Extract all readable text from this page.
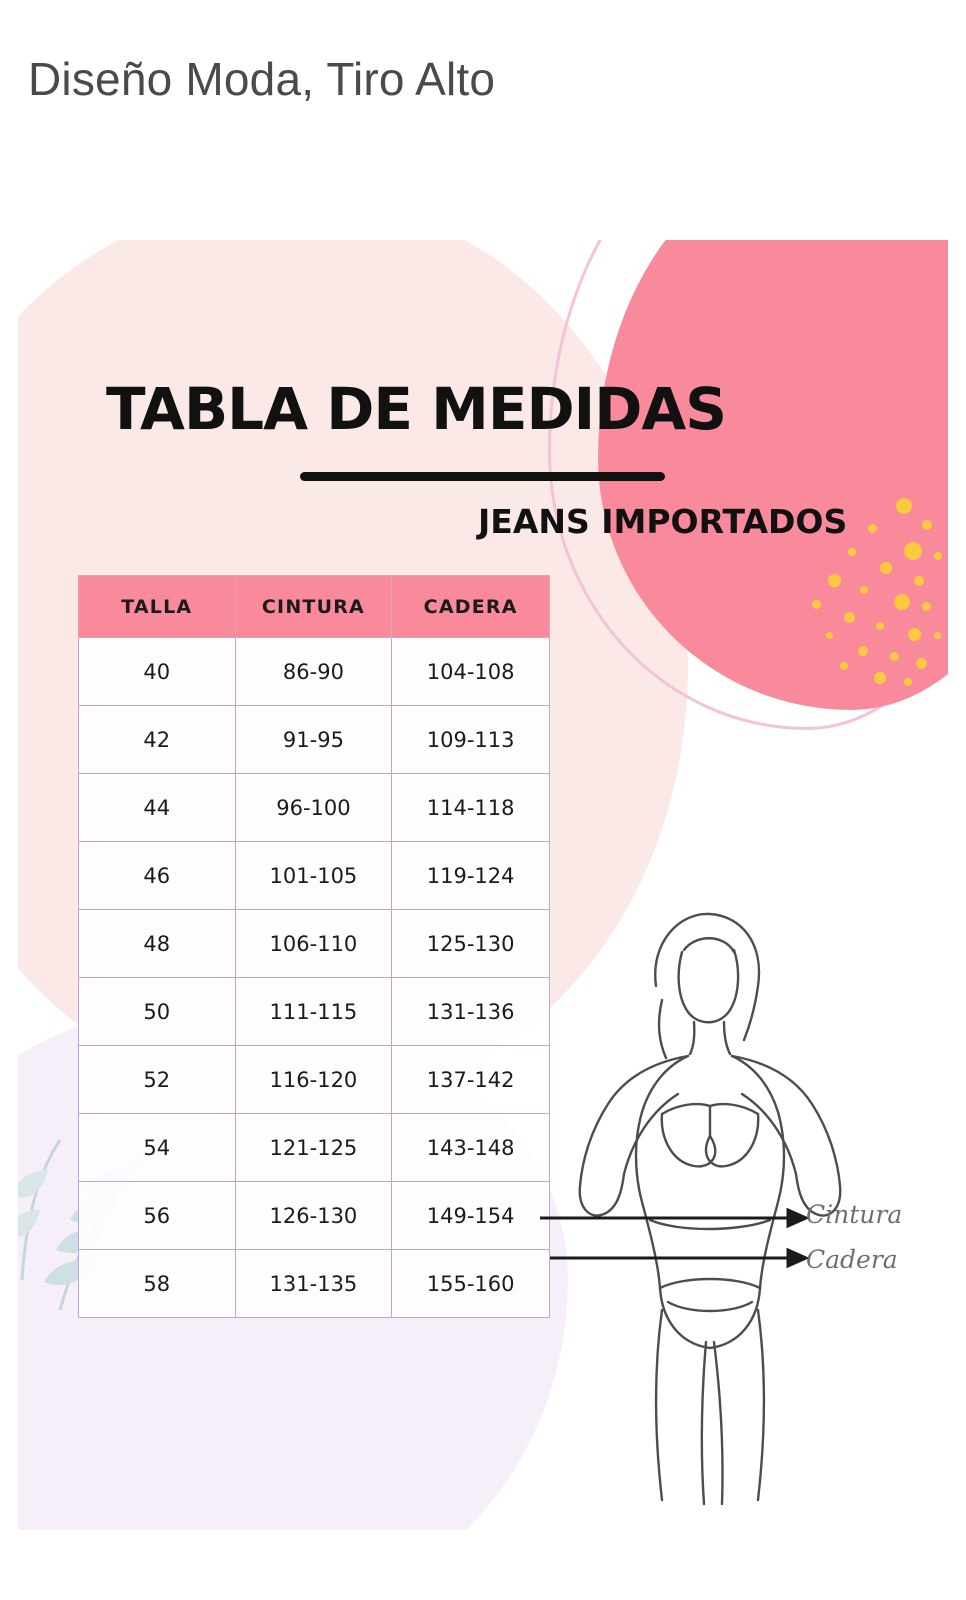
Diseño Moda, Tiro Alto
TABLA DE MEDIDAS
JEANS IMPORTADOS
TALLA	CINTURA	CADERA
40	86-90	104-108
42	91-95	109-113
44	96-100	114-118
46	101-105	119-124
48	106-110	125-130
50	111-115	131-136
52	116-120	137-142
54	121-125	143-148
56	126-130	149-154
58	131-135	155-160
Cintura
Cadera
